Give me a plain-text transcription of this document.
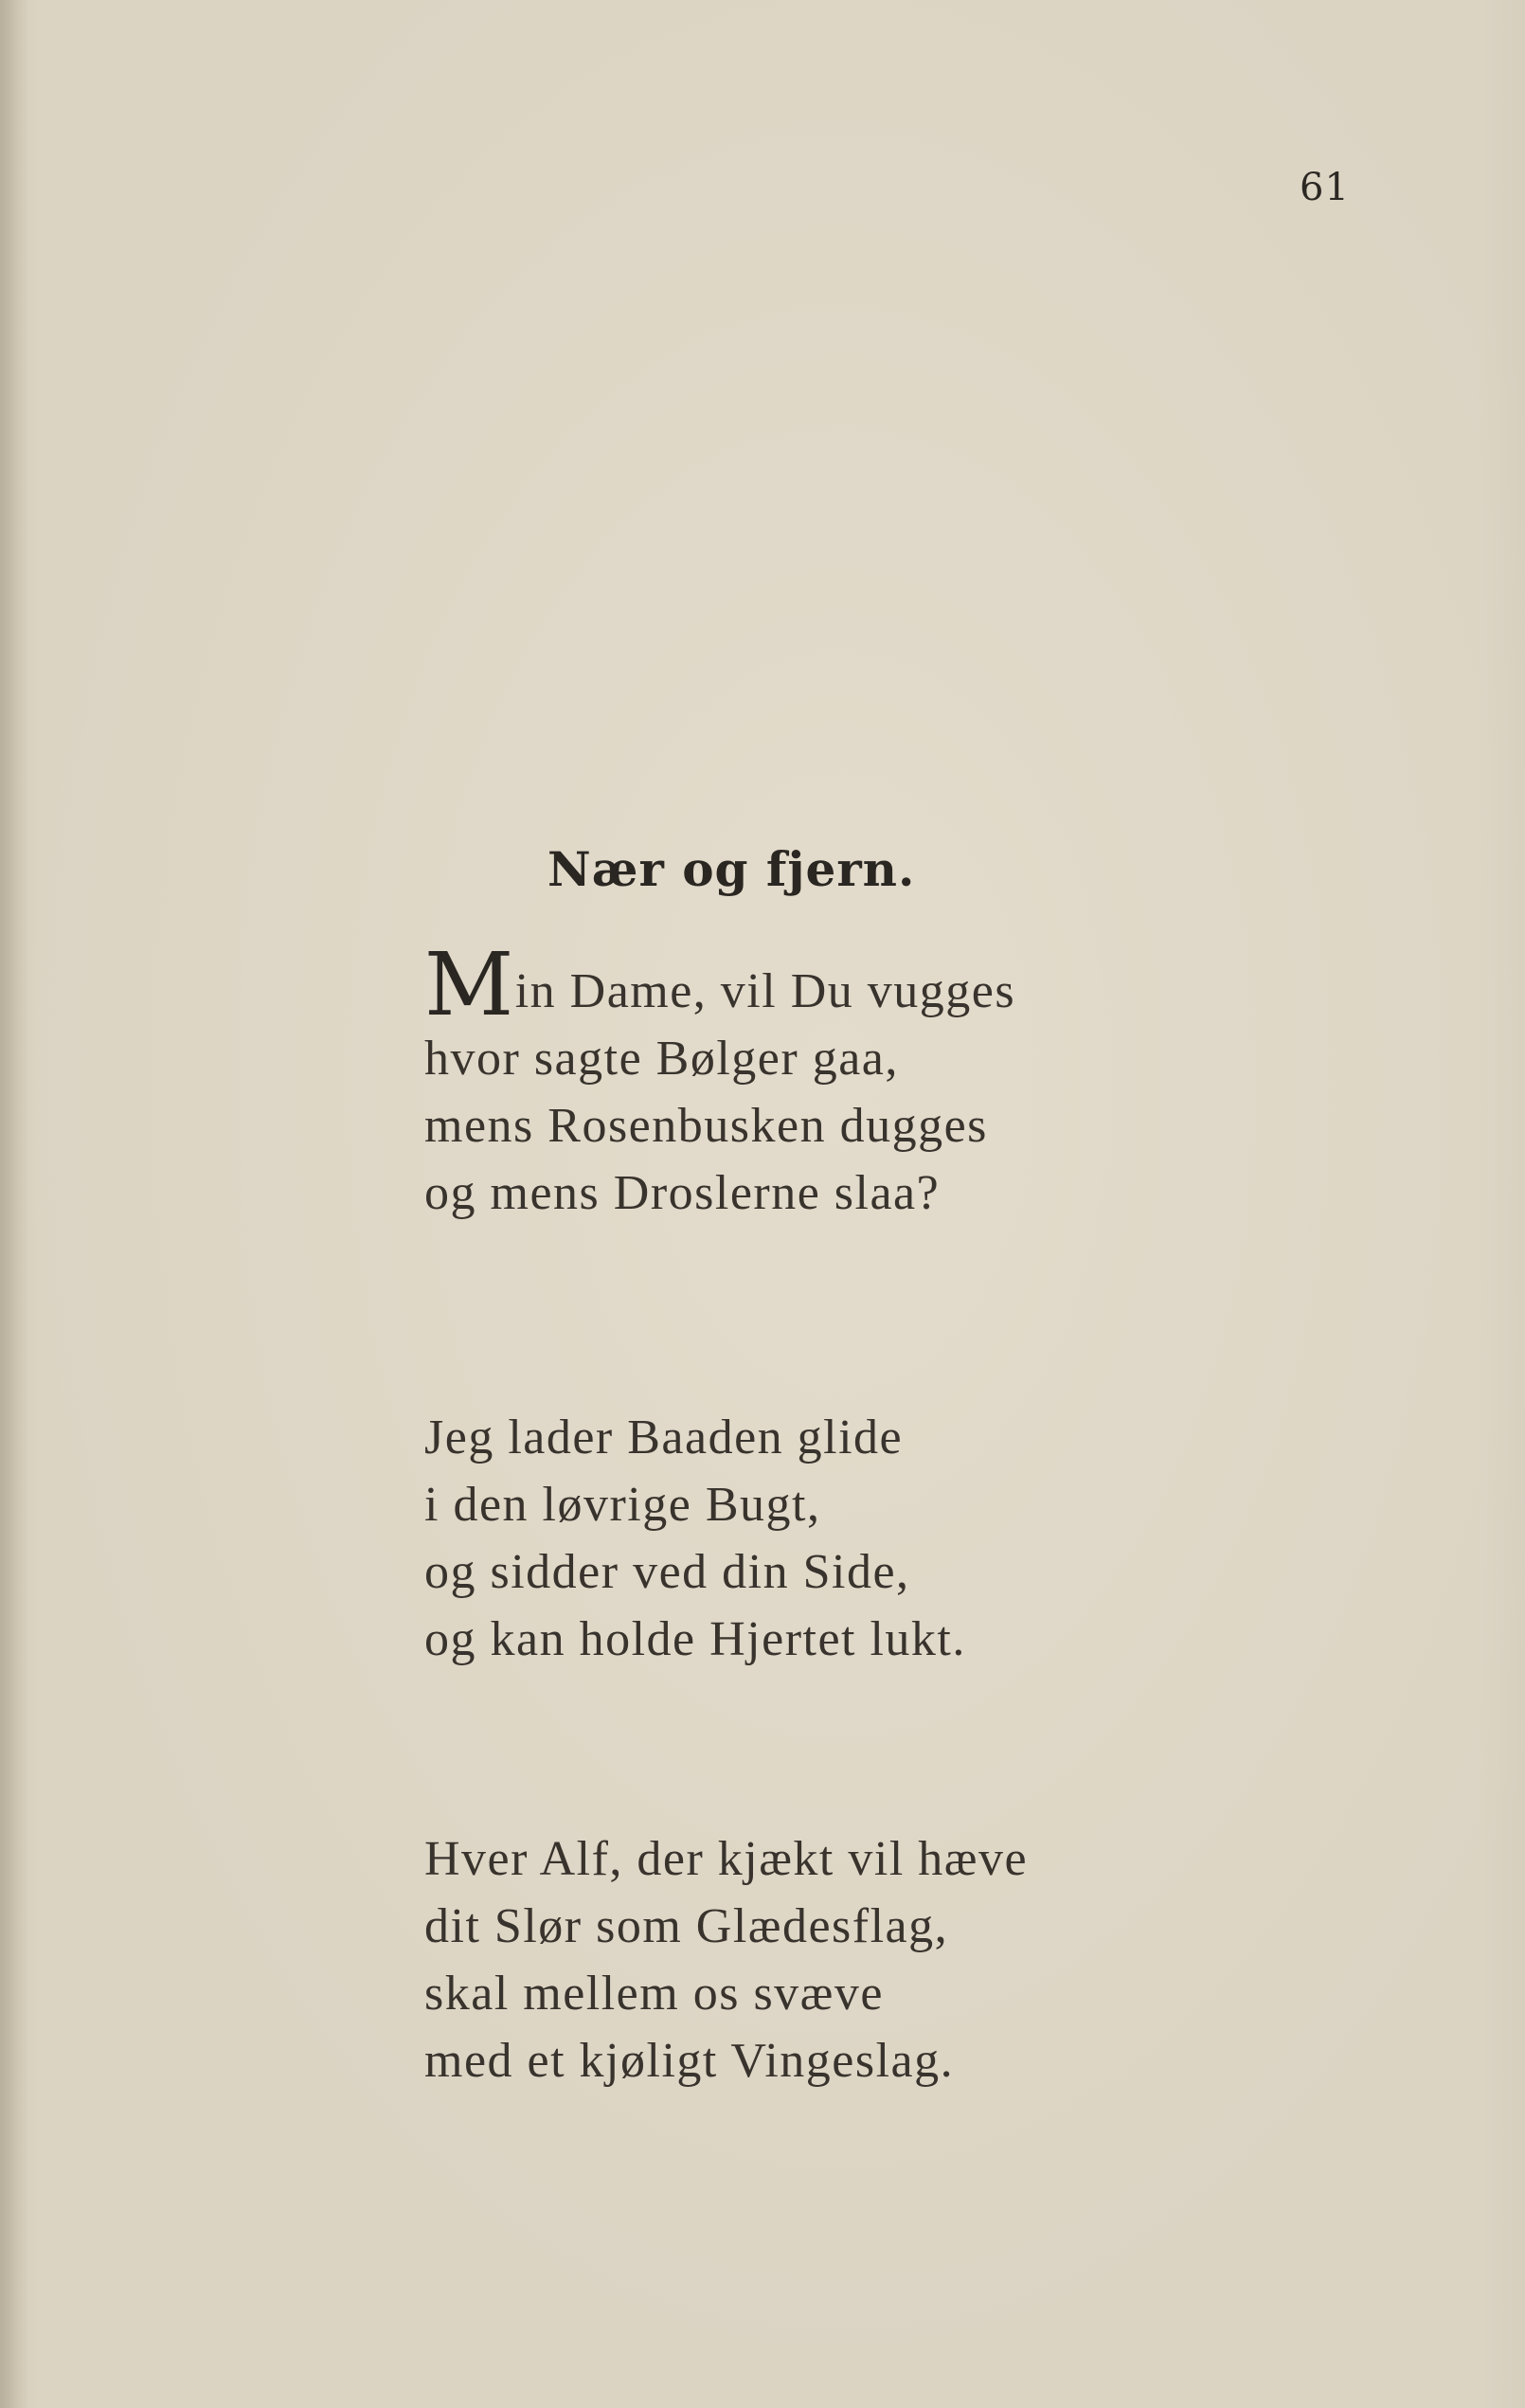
61
Nær og fjern.
Min Dame, vil Du vugges
hvor sagte Bølger gaa,
mens Rosenbusken dugges
og mens Droslerne slaa?
Jeg lader Baaden glide
i den løvrige Bugt,
og sidder ved din Side,
og kan holde Hjertet lukt.
Hver Alf, der kjækt vil hæve
dit Slør som Glædesflag,
skal mellem os svæve
med et kjøligt Vingeslag.
